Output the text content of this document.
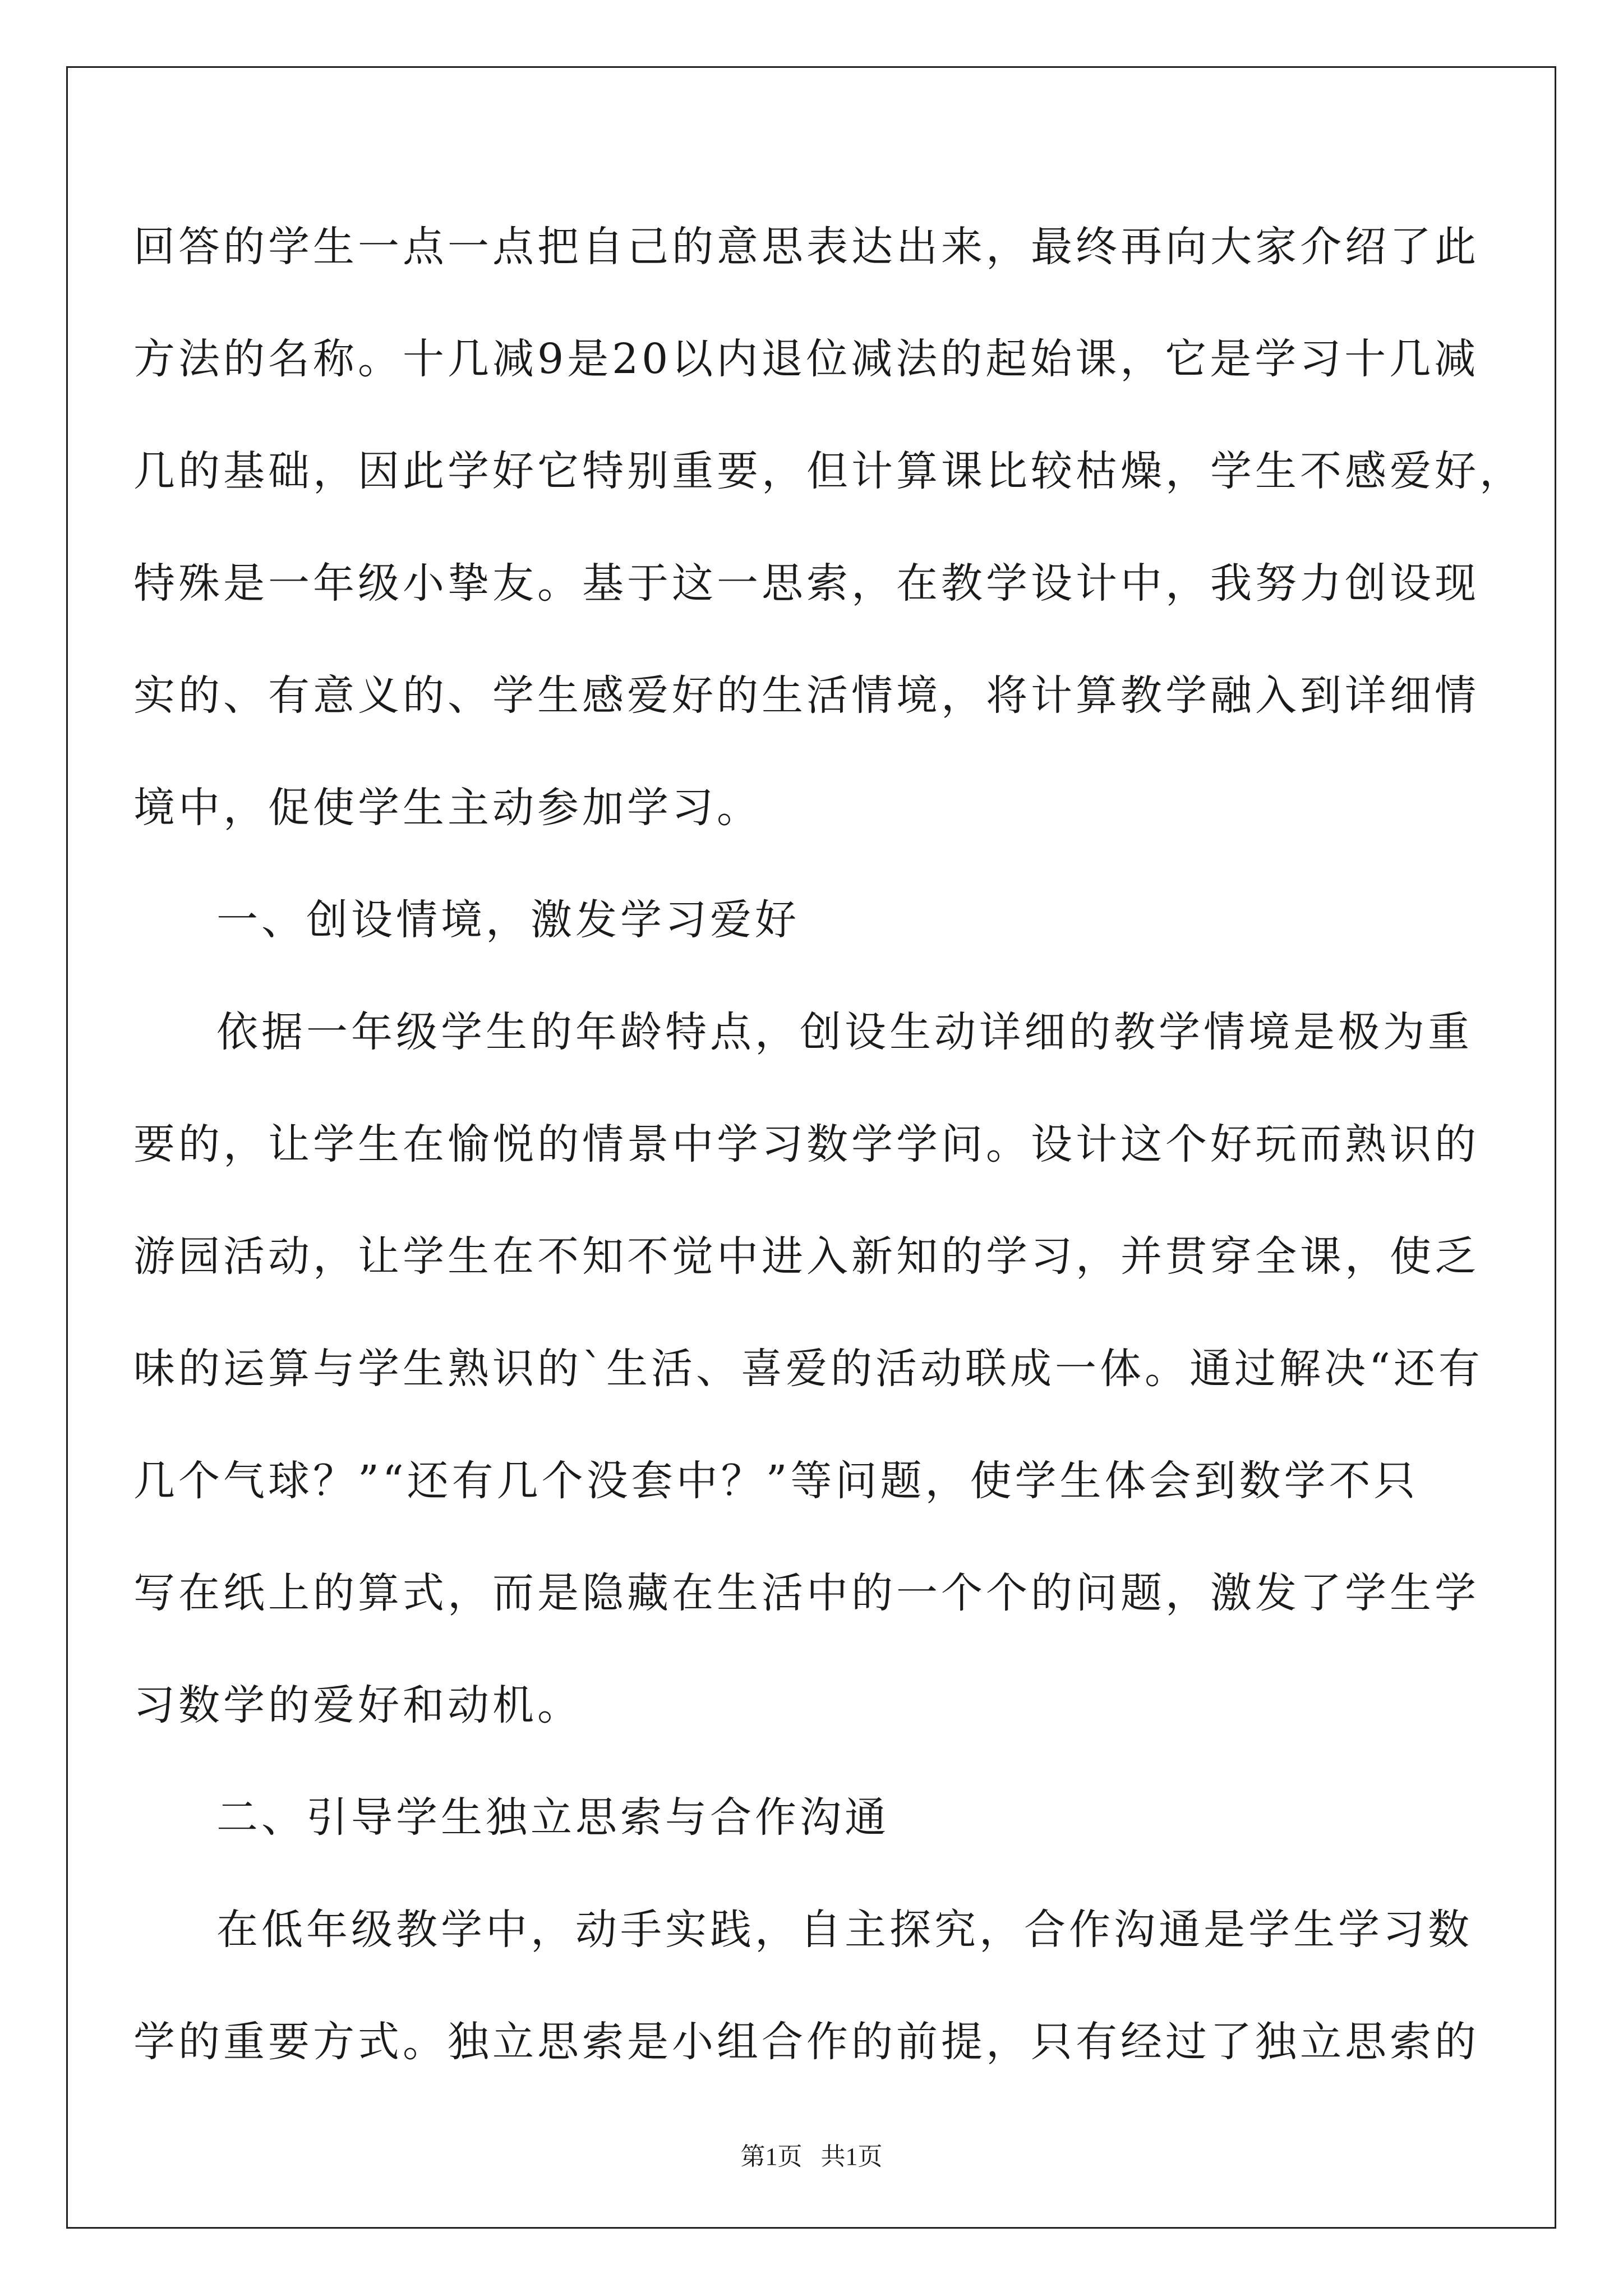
回答的学生一点一点把自己的意思表达出来，最终再向大家介绍了此
方法的名称。十几减9是20以内退位减法的起始课，它是学习十几减
几的基础，因此学好它特别重要，但计算课比较枯燥，学生不感爱好，
特殊是一年级小挚友。基于这一思索，在教学设计中，我努力创设现
实的、有意义的、学生感爱好的生活情境，将计算教学融入到详细情
境中，促使学生主动参加学习。
一、创设情境，激发学习爱好
依据一年级学生的年龄特点，创设生动详细的教学情境是极为重
要的，让学生在愉悦的情景中学习数学学问。设计这个好玩而熟识的
游园活动，让学生在不知不觉中进入新知的学习，并贯穿全课，使乏
味的运算与学生熟识的`生活、喜爱的活动联成一体。通过解决“还有
几个气球？”“还有几个没套中？”等问题，使学生体会到数学不只
写在纸上的算式，而是隐藏在生活中的一个个的问题，激发了学生学
习数学的爱好和动机。
二、引导学生独立思索与合作沟通
在低年级教学中，动手实践，自主探究，合作沟通是学生学习数
学的重要方式。独立思索是小组合作的前提，只有经过了独立思索的
第1页   共1页
